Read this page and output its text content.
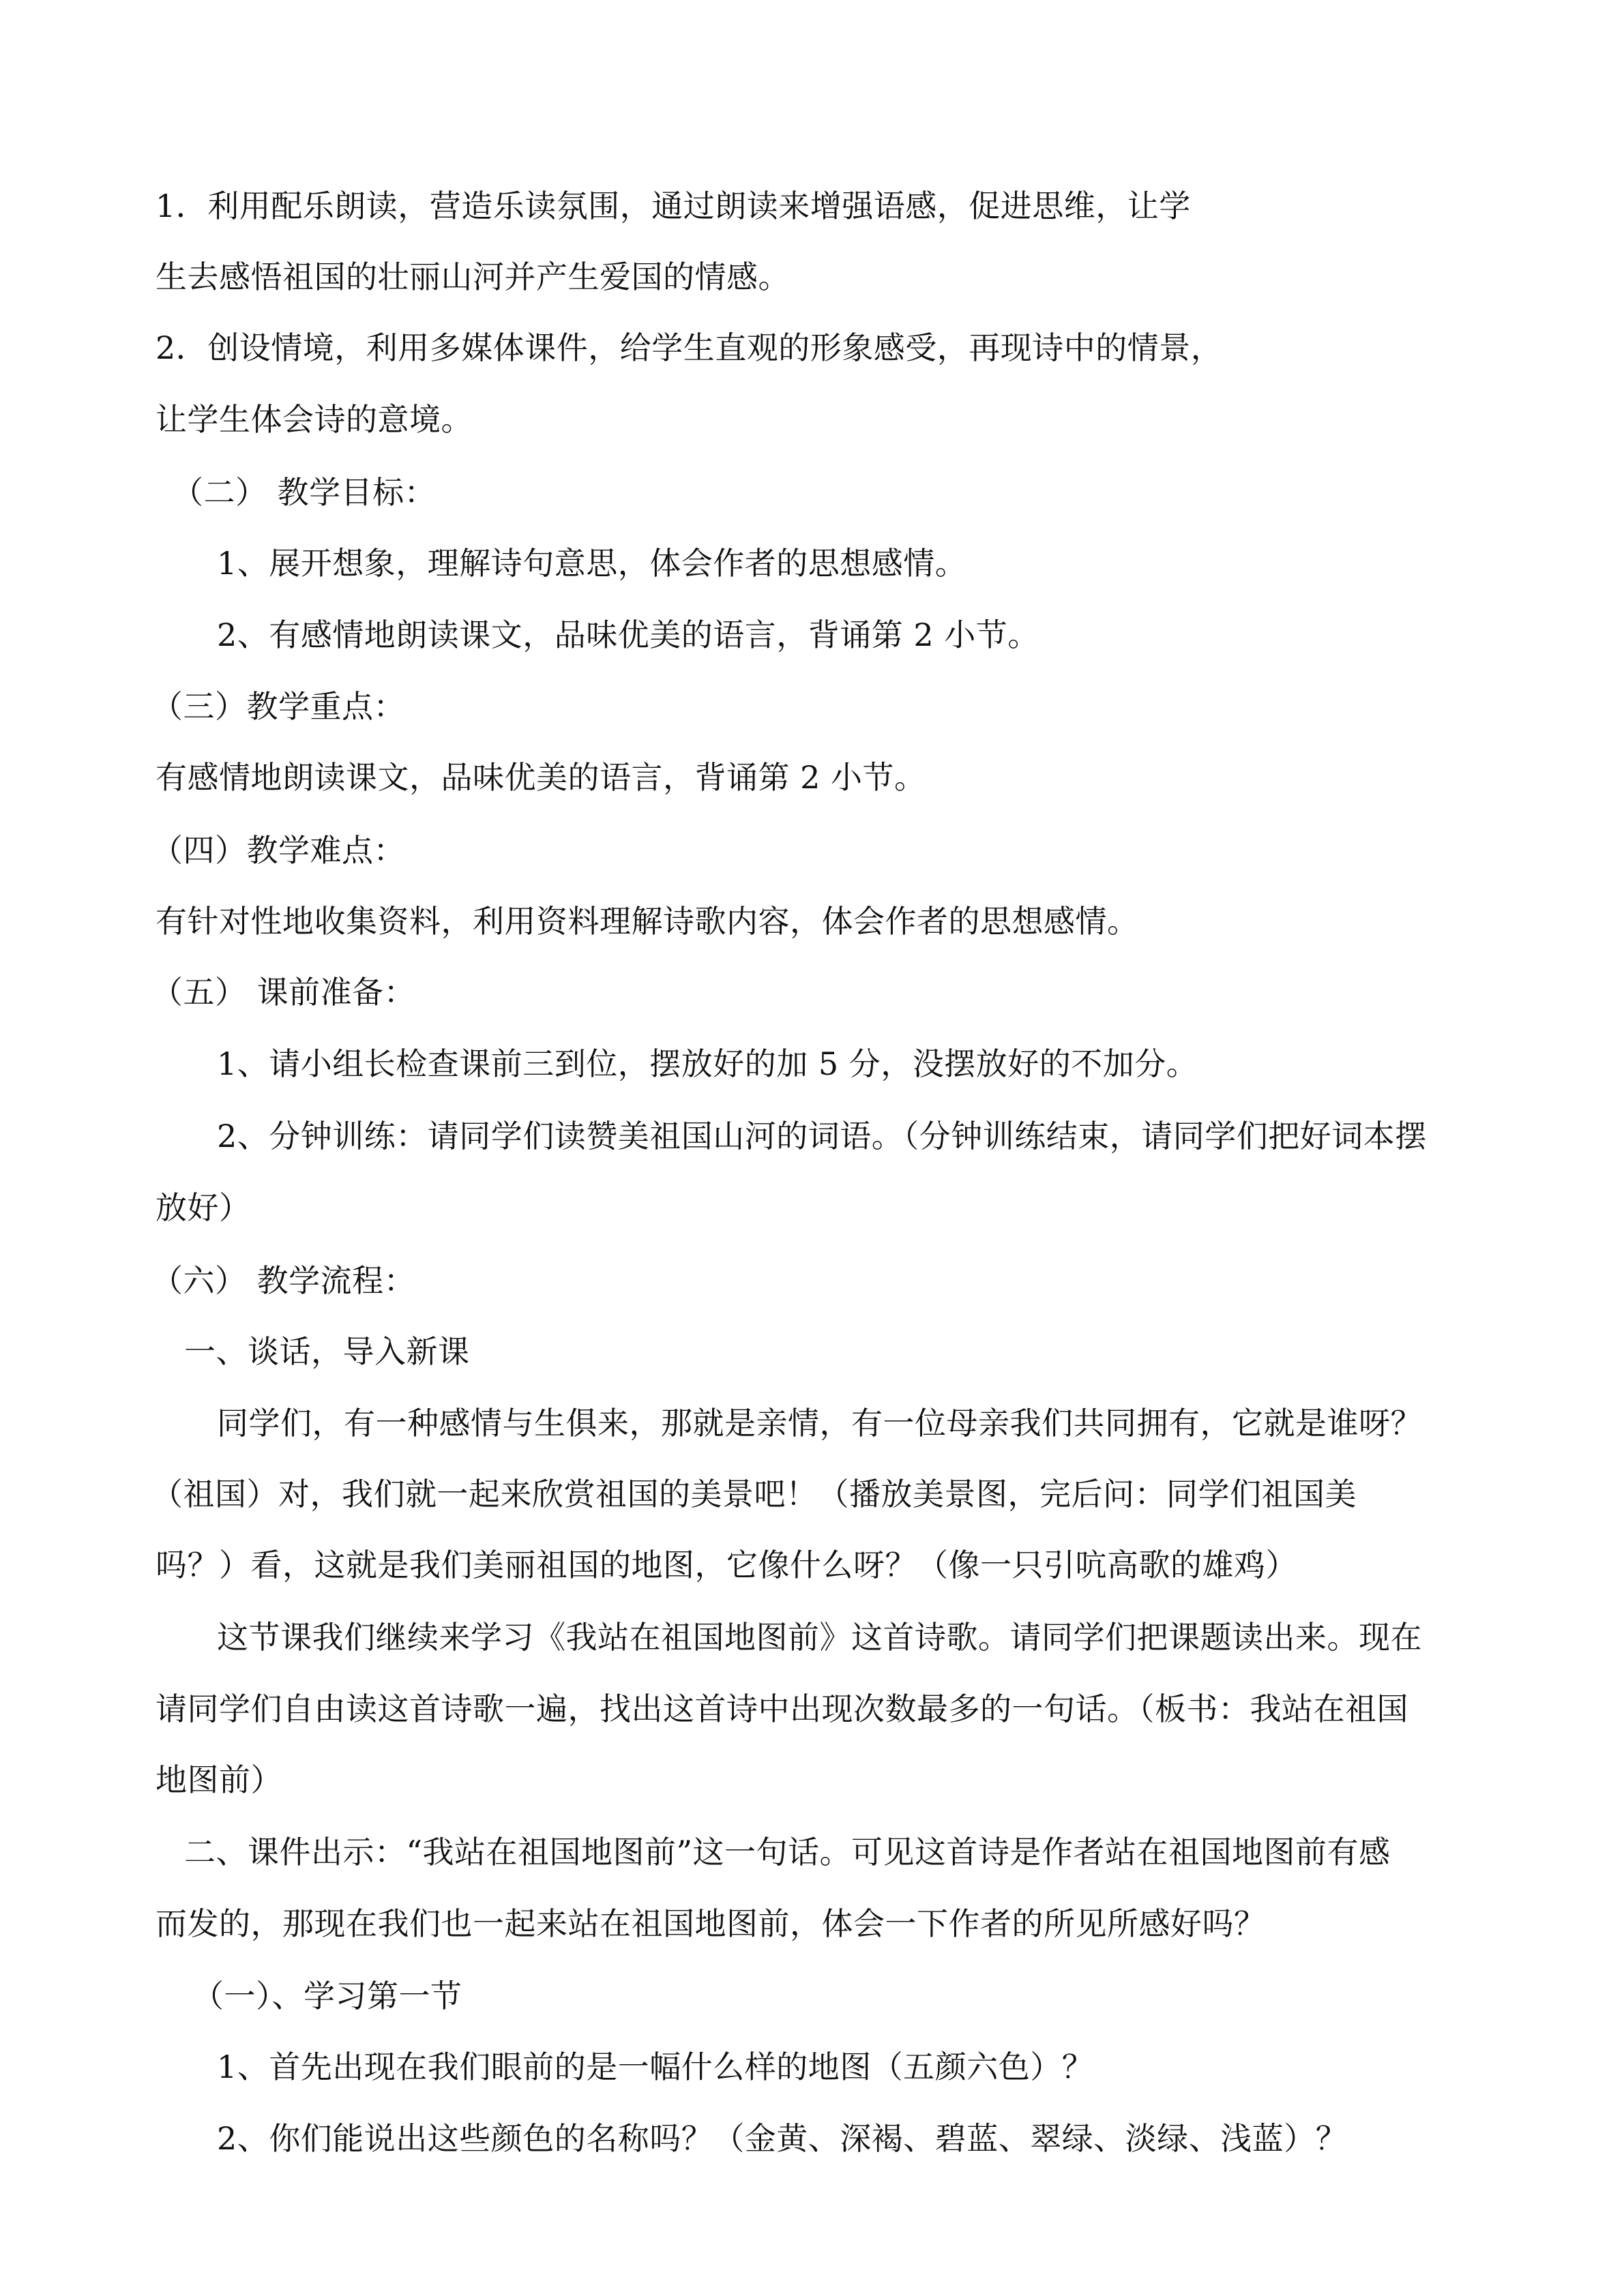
1．利用配乐朗读，营造乐读氛围，通过朗读来增强语感，促进思维，让学
生去感悟祖国的壮丽山河并产生爱国的情感。
2．创设情境，利用多媒体课件，给学生直观的形象感受，再现诗中的情景，
让学生体会诗的意境。
（二） 教学目标：
1、展开想象，理解诗句意思，体会作者的思想感情。
2、有感情地朗读课文，品味优美的语言，背诵第 2 小节。
（三）教学重点：
有感情地朗读课文，品味优美的语言，背诵第 2 小节。
（四）教学难点：
有针对性地收集资料，利用资料理解诗歌内容，体会作者的思想感情。
（五） 课前准备：
1、请小组长检查课前三到位，摆放好的加 5 分，没摆放好的不加分。
2、分钟训练：请同学们读赞美祖国山河的词语。（分钟训练结束，请同学们把好词本摆
放好）
（六） 教学流程：
一、谈话，导入新课
同学们，有一种感情与生俱来，那就是亲情，有一位母亲我们共同拥有，它就是谁呀？
（祖国）对，我们就一起来欣赏祖国的美景吧！（播放美景图，完后问：同学们祖国美
吗？）看，这就是我们美丽祖国的地图，它像什么呀？（像一只引吭高歌的雄鸡）
这节课我们继续来学习《我站在祖国地图前》这首诗歌。请同学们把课题读出来。现在
请同学们自由读这首诗歌一遍，找出这首诗中出现次数最多的一句话。（板书：我站在祖国
地图前）
二、课件出示：“我站在祖国地图前”这一句话。可见这首诗是作者站在祖国地图前有感
而发的，那现在我们也一起来站在祖国地图前，体会一下作者的所见所感好吗？
（一）、学习第一节
1、首先出现在我们眼前的是一幅什么样的地图（五颜六色）？
2、你们能说出这些颜色的名称吗？（金黄、深褐、碧蓝、翠绿、淡绿、浅蓝）？
